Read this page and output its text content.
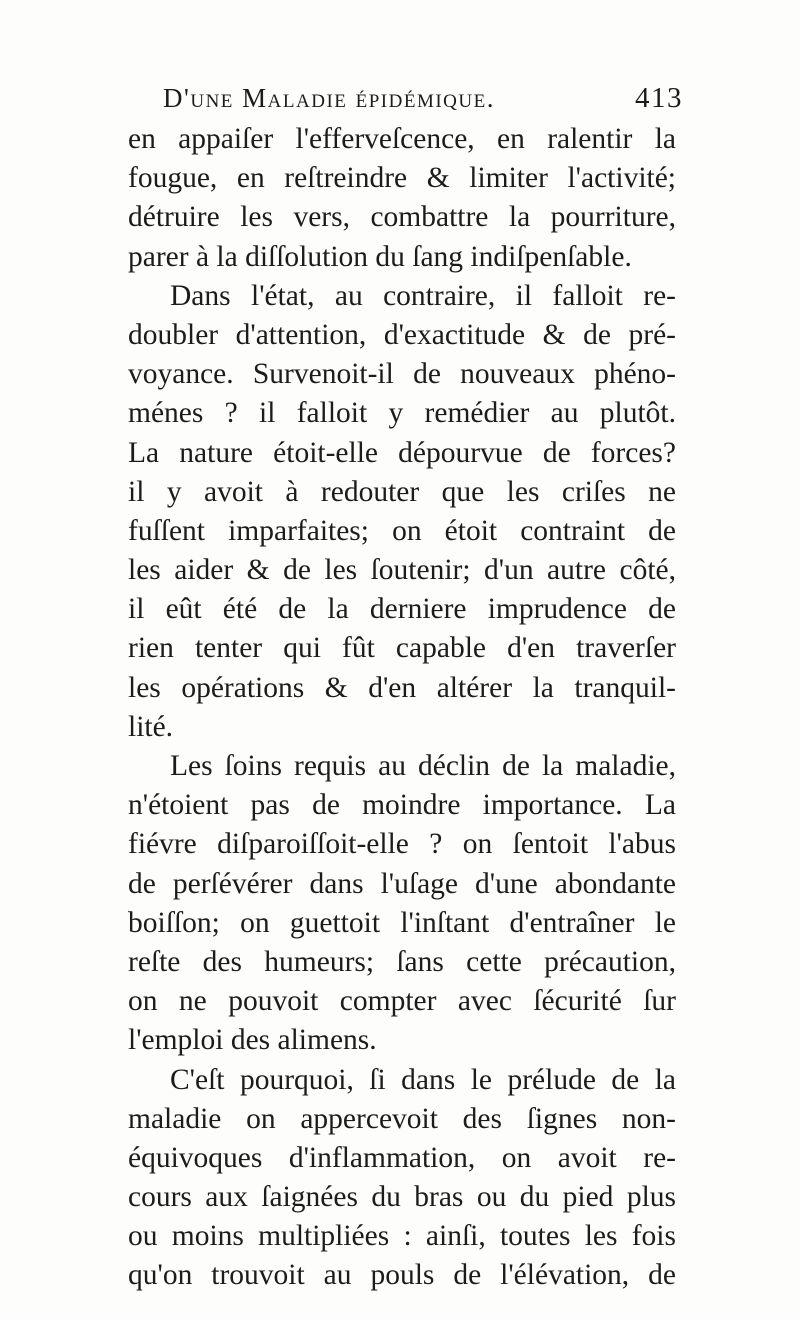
D'une Maladie épidémique.	413
en appaiſer l'efferveſcence, en ralentir la
fougue, en reſtreindre & limiter l'activité;
détruire les vers, combattre la pourriture,
parer à la diſſolution du ſang indiſpenſable.
Dans l'état, au contraire, il falloit re-
doubler d'attention, d'exactitude & de pré-
voyance. Survenoit-il de nouveaux phéno-
ménes ? il falloit y remédier au plutôt.
La nature étoit-elle dépourvue de forces?
il y avoit à redouter que les criſes ne
fuſſent imparfaites; on étoit contraint de
les aider & de les ſoutenir; d'un autre côté,
il eût été de la derniere imprudence de
rien tenter qui fût capable d'en traverſer
les opérations & d'en altérer la tranquil-
lité.
Les ſoins requis au déclin de la maladie,
n'étoient pas de moindre importance. La
fiévre diſparoiſſoit-elle ? on ſentoit l'abus
de perſévérer dans l'uſage d'une abondante
boiſſon; on guettoit l'inſtant d'entraîner le
reſte des humeurs; ſans cette précaution,
on ne pouvoit compter avec ſécurité ſur
l'emploi des alimens.
C'eſt pourquoi, ſi dans le prélude de la
maladie on appercevoit des ſignes non-
équivoques d'inflammation, on avoit re-
cours aux ſaignées du bras ou du pied plus
ou moins multipliées : ainſi, toutes les fois
qu'on trouvoit au pouls de l'élévation, de
